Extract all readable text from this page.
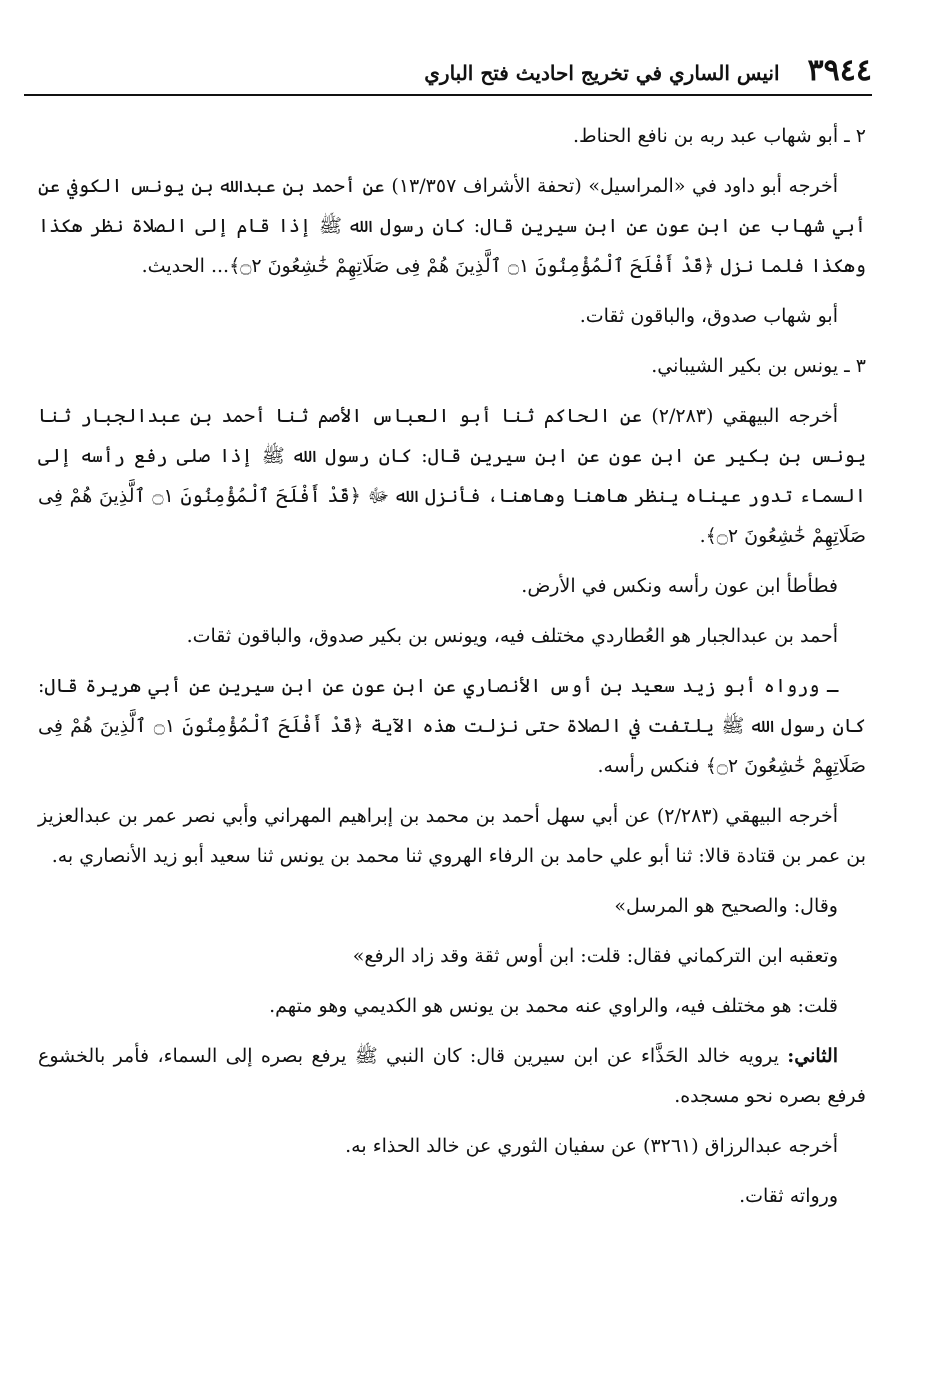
٣٩٤٤
انيس الساري في تخريج احاديث فتح الباري

٢ ـ أبو شهاب عبد ربه بن نافع الحناط.

أخرجه أبو داود في «المراسيل» (تحفة الأشراف ١٣/٣٥٧) عن أحمد بن عبدالله بن يونس الكوفي عن أبي شهاب عن ابن عون عن ابن سيرين قال: كان رسول الله ﷺ إذا قام إلى الصلاة نظر هكذا وهكذا فلما نزل ﴿قَدْ أَفْلَحَ ٱلْمُؤْمِنُونَ ۝١ ٱلَّذِينَ هُمْ فِى صَلَاتِهِمْ خَٰشِعُونَ ۝٢﴾... الحديث.

أبو شهاب صدوق، والباقون ثقات.

٣ ـ يونس بن بكير الشيباني.

أخرجه البيهقي (٢/٢٨٣) عن الحاكم ثنا أبو العباس الأصم ثنا أحمد بن عبدالجبار ثنا يونس بن بكير عن ابن عون عن ابن سيرين قال: كان رسول الله ﷺ إذا صلى رفع رأسه إلى السماء تدور عيناه ينظر هاهنا وهاهنا، فأنزل الله ﷻ ﴿قَدْ أَفْلَحَ ٱلْمُؤْمِنُونَ ۝١ ٱلَّذِينَ هُمْ فِى صَلَاتِهِمْ خَٰشِعُونَ ۝٢﴾.

فطأطأ ابن عون رأسه ونكس في الأرض.

أحمد بن عبدالجبار هو العُطاردي مختلف فيه، ويونس بن بكير صدوق، والباقون ثقات.

ـ ورواه أبو زيد سعيد بن أوس الأنصاري عن ابن عون عن ابن سيرين عن أبي هريرة قال: كان رسول الله ﷺ يلتفت في الصلاة حتى نزلت هذه الآية ﴿قَدْ أَفْلَحَ ٱلْمُؤْمِنُونَ ۝١ ٱلَّذِينَ هُمْ فِى صَلَاتِهِمْ خَٰشِعُونَ ۝٢﴾ فنكس رأسه.

أخرجه البيهقي (٢/٢٨٣) عن أبي سهل أحمد بن محمد بن إبراهيم المهراني وأبي نصر عمر بن عبدالعزيز بن عمر بن قتادة قالا: ثنا أبو علي حامد بن الرفاء الهروي ثنا محمد بن يونس ثنا سعيد أبو زيد الأنصاري به.

وقال: والصحيح هو المرسل»

وتعقبه ابن التركماني فقال: قلت: ابن أوس ثقة وقد زاد الرفع»

قلت: هو مختلف فيه، والراوي عنه محمد بن يونس هو الكديمي وهو متهم.

الثاني: يرويه خالد الحَذَّاء عن ابن سيرين قال: كان النبي ﷺ يرفع بصره إلى السماء، فأمر بالخشوع فرفع بصره نحو مسجده.

أخرجه عبدالرزاق (٣٢٦١) عن سفيان الثوري عن خالد الحذاء به.

ورواته ثقات.
